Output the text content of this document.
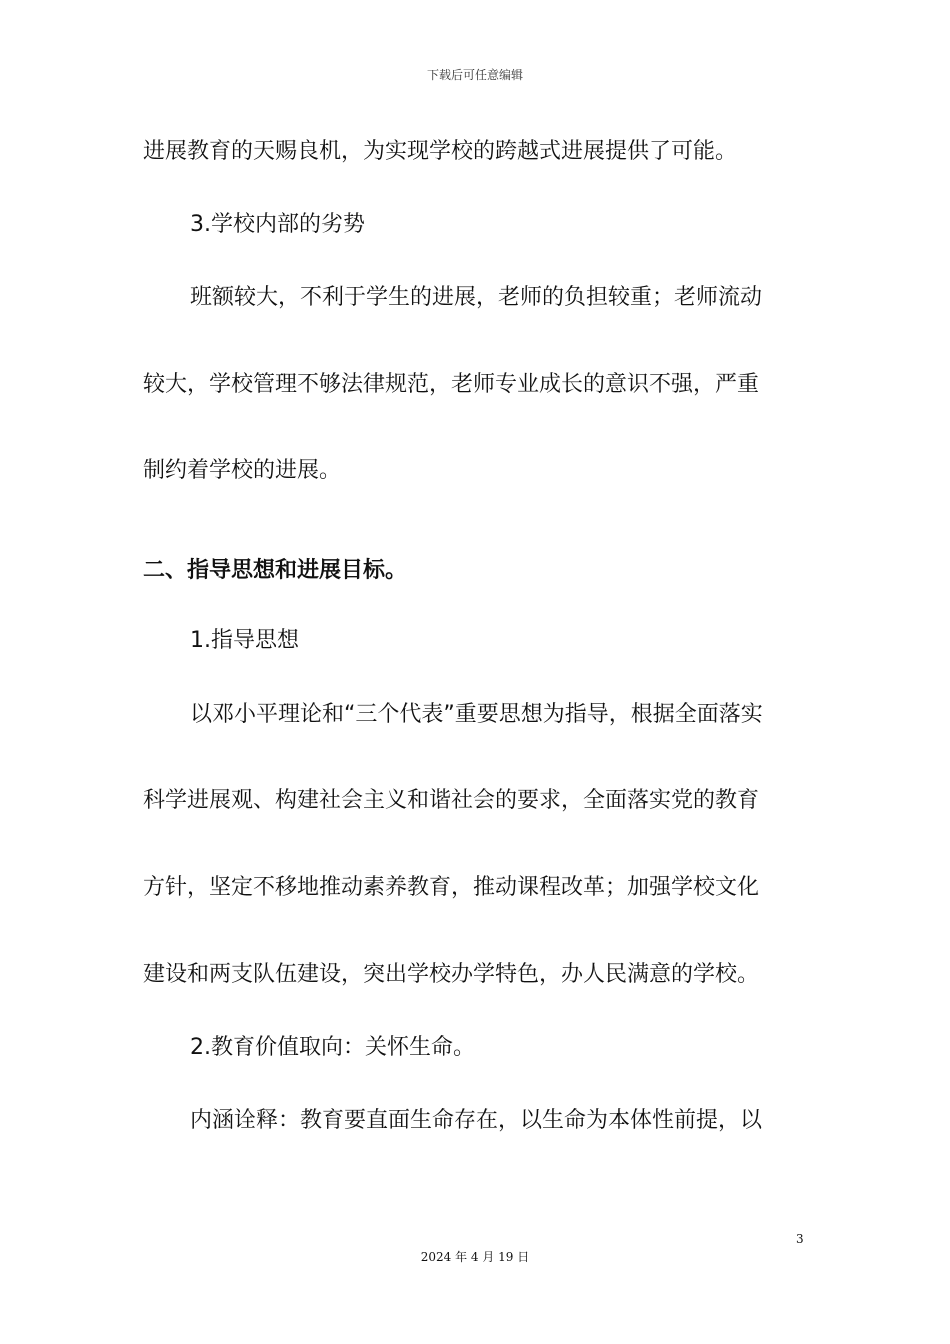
下载后可任意编辑
进展教育的天赐良机，为实现学校的跨越式进展提供了可能。
3.学校内部的劣势
班额较大，不利于学生的进展，老师的负担较重；老师流动
较大，学校管理不够法律规范，老师专业成长的意识不强，严重
制约着学校的进展。
二、指导思想和进展目标。
1.指导思想
以邓小平理论和“三个代表”重要思想为指导，根据全面落实
科学进展观、构建社会主义和谐社会的要求，全面落实党的教育
方针，坚定不移地推动素养教育，推动课程改革；加强学校文化
建设和两支队伍建设，突出学校办学特色，办人民满意的学校。
2.教育价值取向：关怀生命。
内涵诠释：教育要直面生命存在，以生命为本体性前提，以
3
2024 年 4 月 19 日
